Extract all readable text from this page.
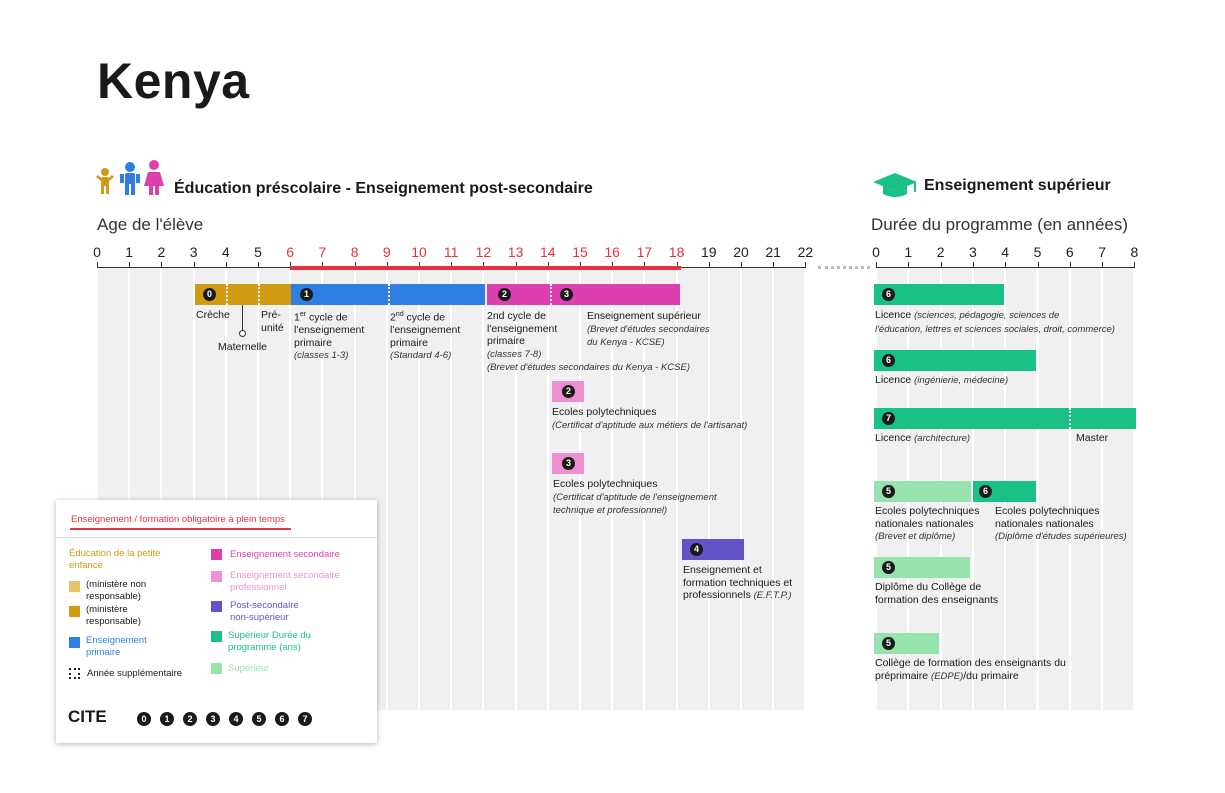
Kenya
Éducation préscolaire - Enseignement post-secondaire
Age de l'élève
Enseignement supérieur
Durée du programme (en années)
0	1	2	3	4	5	6	7	8	9	10	11	12	13	14	15	16	17	18	19	20	21	22	0	1	2	3	4	5	6	7	8
0	1	2	3
Crèche	Pré-
unité
Maternelle
1er cycle de
l'enseignement
primaire
(classes 1-3)
2nd cycle de
l'enseignement
primaire
(Standard 4-6)
2nd cycle de
l'enseignement
primaire
(classes 7-8)
(Brevet d'études secondaires du Kenya - KCSE)
Enseignement supérieur
(Brevet d'études secondaires
du Kenya - KCSE)
2
Ecoles polytechniques
(Certificat d'aptitude aux métiers de l'artisanat)
3
Ecoles polytechniques
(Certificat d'aptitude de l'enseignement
technique et professionnel)
4
Enseignement et
formation techniques et
professionnels (E.F.T.P.)
6
Licence (sciences, pédagogie, sciences de
l'éducation, lettres et sciences sociales, droit, commerce)
6
Licence (ingénierie, médecine)
7
Licence (architecture)	Master
5	6
Ecoles polytechniques
nationales nationales
(Brevet et diplôme)
Ecoles polytechniques
nationales nationales
(Diplôme d'études supérieures)
5
Diplôme du Collège de
formation des enseignants
5
Collège de formation des enseignants du
préprimaire (EDPE)/du primaire
Enseignement / formation obligatoire à plein temps
Éducation de la petite enfance
(ministère non responsable)
(ministère responsable)
Enseignement primaire
Année supplémentaire
Enseignement secondaire
Enseignement secondaire professionnel
Post-secondaire non-supérieur
Supérieur Durée du programme (ans)
Supérieur
CITE	0 1 2 3 4 5 6 7
